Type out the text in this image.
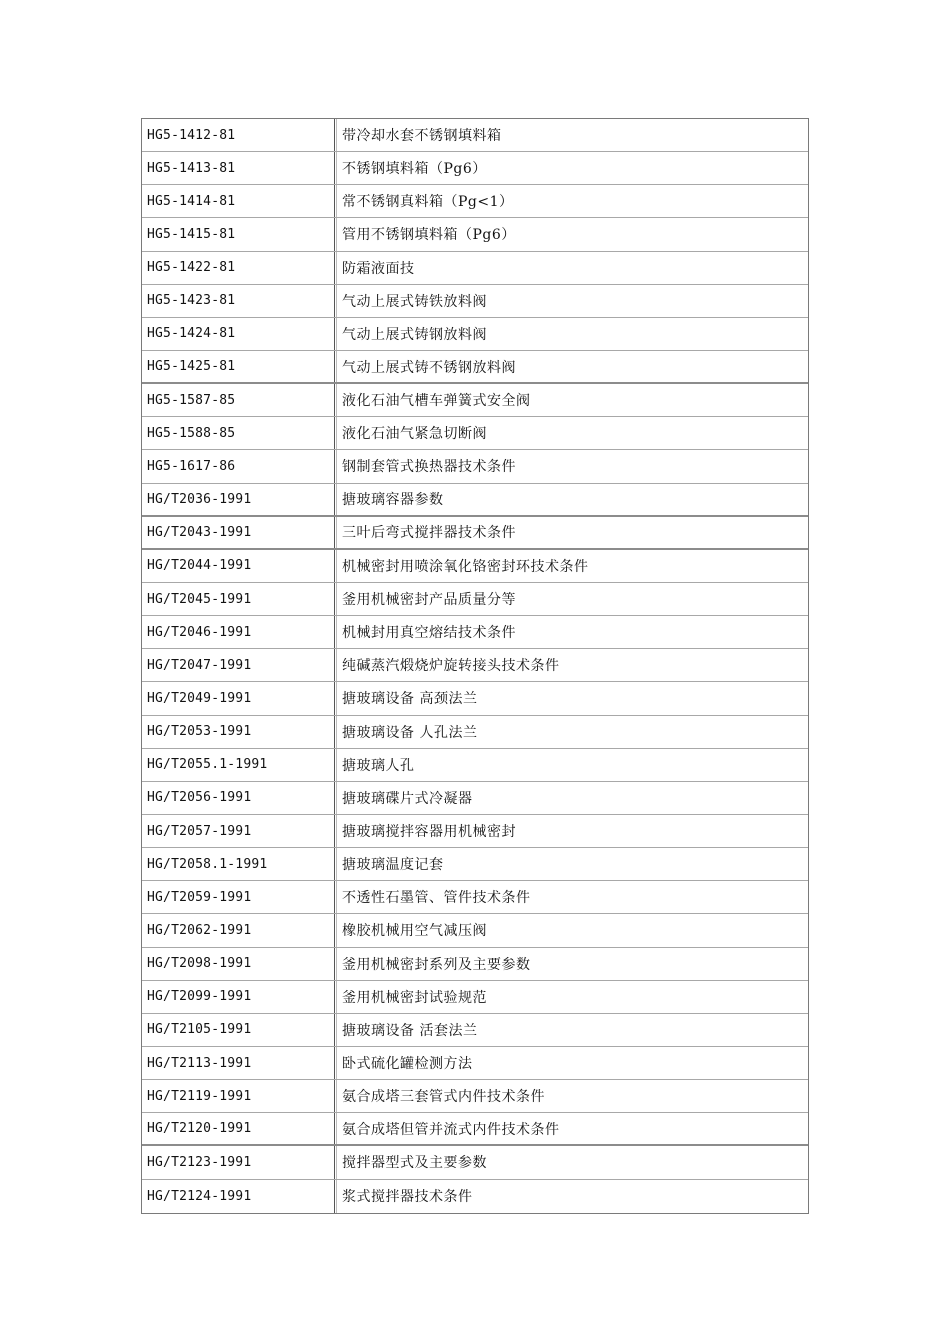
HG5-1412-81	带冷却水套不锈钢填料箱
HG5-1413-81	不锈钢填料箱（Pg6）
HG5-1414-81	常不锈钢真料箱（Pg<1）
HG5-1415-81	管用不锈钢填料箱（Pg6）
HG5-1422-81	防霜液面技
HG5-1423-81	气动上展式铸铁放料阀
HG5-1424-81	气动上展式铸钢放料阀
HG5-1425-81	气动上展式铸不锈钢放料阀
HG5-1587-85	液化石油气槽车弹簧式安全阀
HG5-1588-85	液化石油气紧急切断阀
HG5-1617-86	钢制套管式换热器技术条件
HG/T2036-1991	搪玻璃容器参数
HG/T2043-1991	三叶后弯式搅拌器技术条件
HG/T2044-1991	机械密封用喷涂氧化铬密封环技术条件
HG/T2045-1991	釜用机械密封产品质量分等
HG/T2046-1991	机械封用真空熔结技术条件
HG/T2047-1991	纯碱蒸汽煅烧炉旋转接头技术条件
HG/T2049-1991	搪玻璃设备 高颈法兰
HG/T2053-1991	搪玻璃设备 人孔法兰
HG/T2055.1-1991	搪玻璃人孔
HG/T2056-1991	搪玻璃碟片式冷凝器
HG/T2057-1991	搪玻璃搅拌容器用机械密封
HG/T2058.1-1991	搪玻璃温度记套
HG/T2059-1991	不透性石墨管、管件技术条件
HG/T2062-1991	橡胶机械用空气减压阀
HG/T2098-1991	釜用机械密封系列及主要参数
HG/T2099-1991	釜用机械密封试验规范
HG/T2105-1991	搪玻璃设备 活套法兰
HG/T2113-1991	卧式硫化罐检测方法
HG/T2119-1991	氨合成塔三套管式内件技术条件
HG/T2120-1991	氨合成塔但管并流式内件技术条件
HG/T2123-1991	搅拌器型式及主要参数
HG/T2124-1991	浆式搅拌器技术条件
